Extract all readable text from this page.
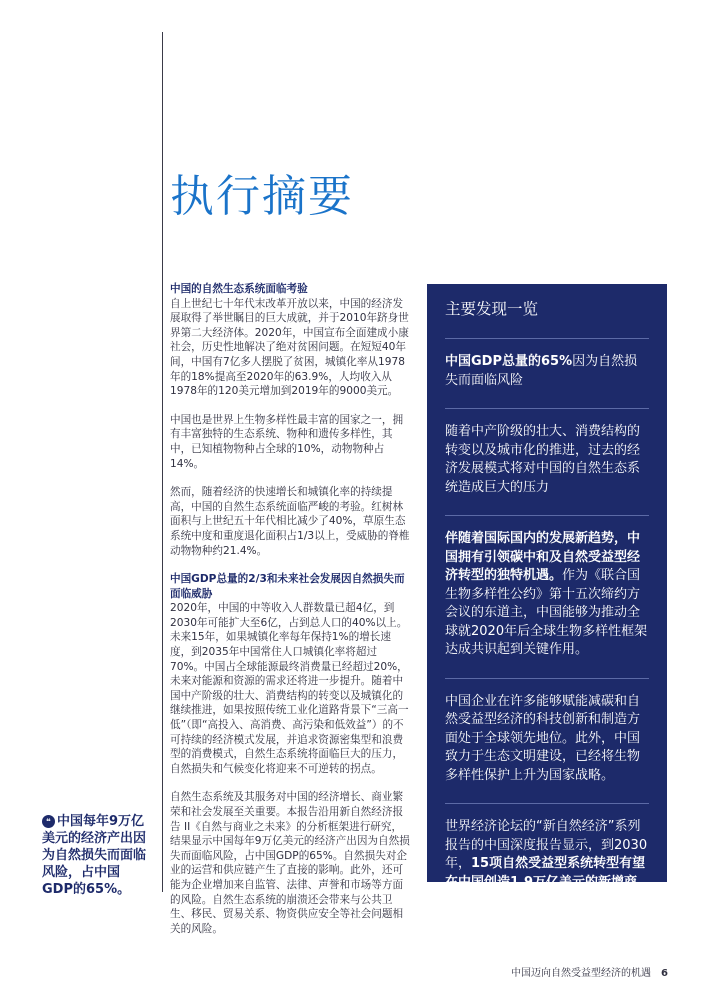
执行摘要

中国的自然生态系统面临考验

自上世纪七十年代末改革开放以来，中国的经济发展取得了举世瞩目的巨大成就，并于2010年跻身世界第二大经济体。2020年，中国宣布全面建成小康社会，历史性地解决了绝对贫困问题。在短短40年间，中国有7亿多人摆脱了贫困，城镇化率从1978年的18%提高至2020年的63.9%，人均收入从1978年的120美元增加到2019年的9000美元。

中国也是世界上生物多样性最丰富的国家之一，拥有丰富独特的生态系统、物种和遗传多样性，其中，已知植物物种占全球的10%，动物物种占14%。

然而，随着经济的快速增长和城镇化率的持续提高，中国的自然生态系统面临严峻的考验。红树林面积与上世纪五十年代相比减少了40%，草原生态系统中度和重度退化面积占1/3以上，受威胁的脊椎动物物种约21.4%。

中国GDP总量的2/3和未来社会发展因自然损失而面临威胁

2020年，中国的中等收入人群数量已超4亿，到2030年可能扩大至6亿，占到总人口的40%以上。未来15年，如果城镇化率每年保持1%的增长速度，到2035年中国常住人口城镇化率将超过70%。中国占全球能源最终消费量已经超过20%，未来对能源和资源的需求还将进一步提升。随着中国中产阶级的壮大、消费结构的转变以及城镇化的继续推进，如果按照传统工业化道路背景下“三高一低”（即“高投入、高消费、高污染和低效益”）的不可持续的经济模式发展，并追求资源密集型和浪费型的消费模式，自然生态系统将面临巨大的压力，自然损失和气候变化将迎来不可逆转的拐点。

自然生态系统及其服务对中国的经济增长、商业繁荣和社会发展至关重要。本报告沿用新自然经济报告 II《自然与商业之未来》的分析框架进行研究，结果显示中国每年9万亿美元的经济产出因为自然损失而面临风险，占中国GDP的65%。自然损失对企业的运营和供应链产生了直接的影响。此外，还可能为企业增加来自监管、法律、声誉和市场等方面的风险。自然生态系统的崩溃还会带来与公共卫生、移民、贸易关系、物资供应安全等社会问题相关的风险。

❝ 中国每年9万亿美元的经济产出因为自然损失而面临风险，占中国GDP的65%。

主要发现一览

中国GDP总量的65%因为自然损失而面临风险
随着中产阶级的壮大、消费结构的转变以及城市化的推进，过去的经济发展模式将对中国的自然生态系统造成巨大的压力
伴随着国际国内的发展新趋势，中国拥有引领碳中和及自然受益型经济转型的独特机遇。作为《联合国生物多样性公约》第十五次缔约方会议的东道主，中国能够为推动全球就2020年后全球生物多样性框架达成共识起到关键作用。
中国企业在许多能够赋能减碳和自然受益型经济的科技创新和制造方面处于全球领先地位。此外，中国致力于生态文明建设，已经将生物多样性保护上升为国家战略。
世界经济论坛的“新自然经济”系列报告的中国深度报告显示，到2030年，15项自然受益型系统转型有望在中国创造1.9万亿美元的新增商业价值和8800万个就业机会。
中国迈向自然受益型经济的机遇 6
